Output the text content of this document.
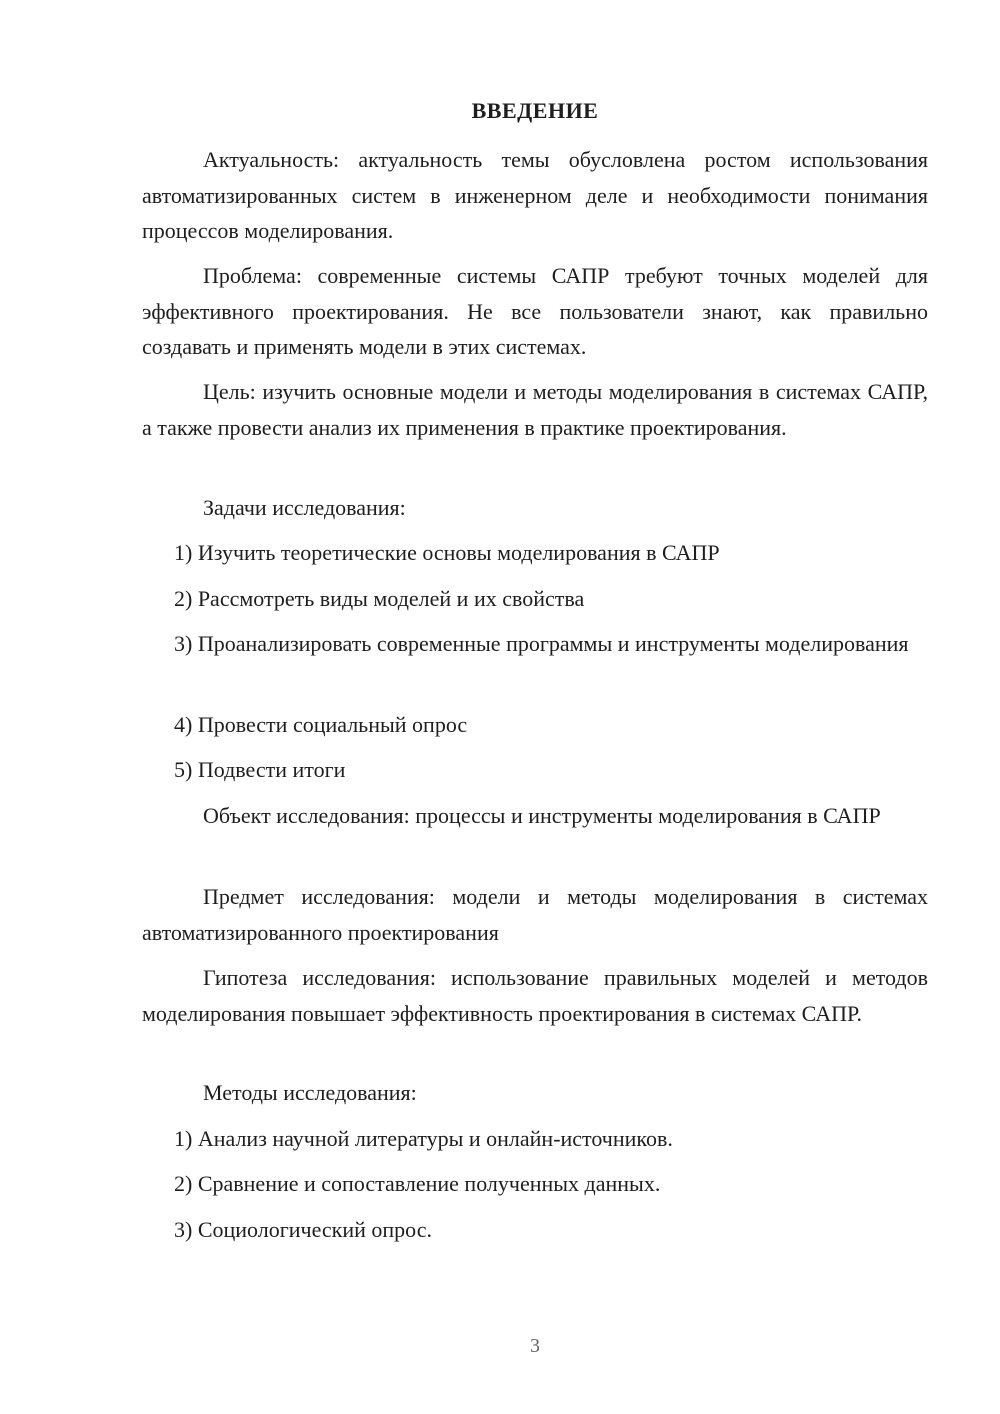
ВВЕДЕНИЕ

Актуальность: актуальность темы обусловлена ростом использования автоматизированных систем в инженерном деле и необходимости понимания процессов моделирования.

Проблема: современные системы САПР требуют точных моделей для эффективного проектирования. Не все пользователи знают, как правильно создавать и применять модели в этих системах.

Цель: изучить основные модели и методы моделирования в системах САПР, а также провести анализ их применения в практике проектирования.

Задачи исследования:

1) Изучить теоретические основы моделирования в САПР

2) Рассмотреть виды моделей и их свойства

3) Проанализировать современные программы и инструменты моделирования

4) Провести социальный опрос

5) Подвести итоги

Объект исследования: процессы и инструменты моделирования в САПР

Предмет исследования: модели и методы моделирования в системах автоматизированного проектирования

Гипотеза исследования: использование правильных моделей и методов моделирования повышает эффективность проектирования в системах САПР.

Методы исследования:

1) Анализ научной литературы и онлайн-источников.

2) Сравнение и сопоставление полученных данных.

3) Социологический опрос.

3
